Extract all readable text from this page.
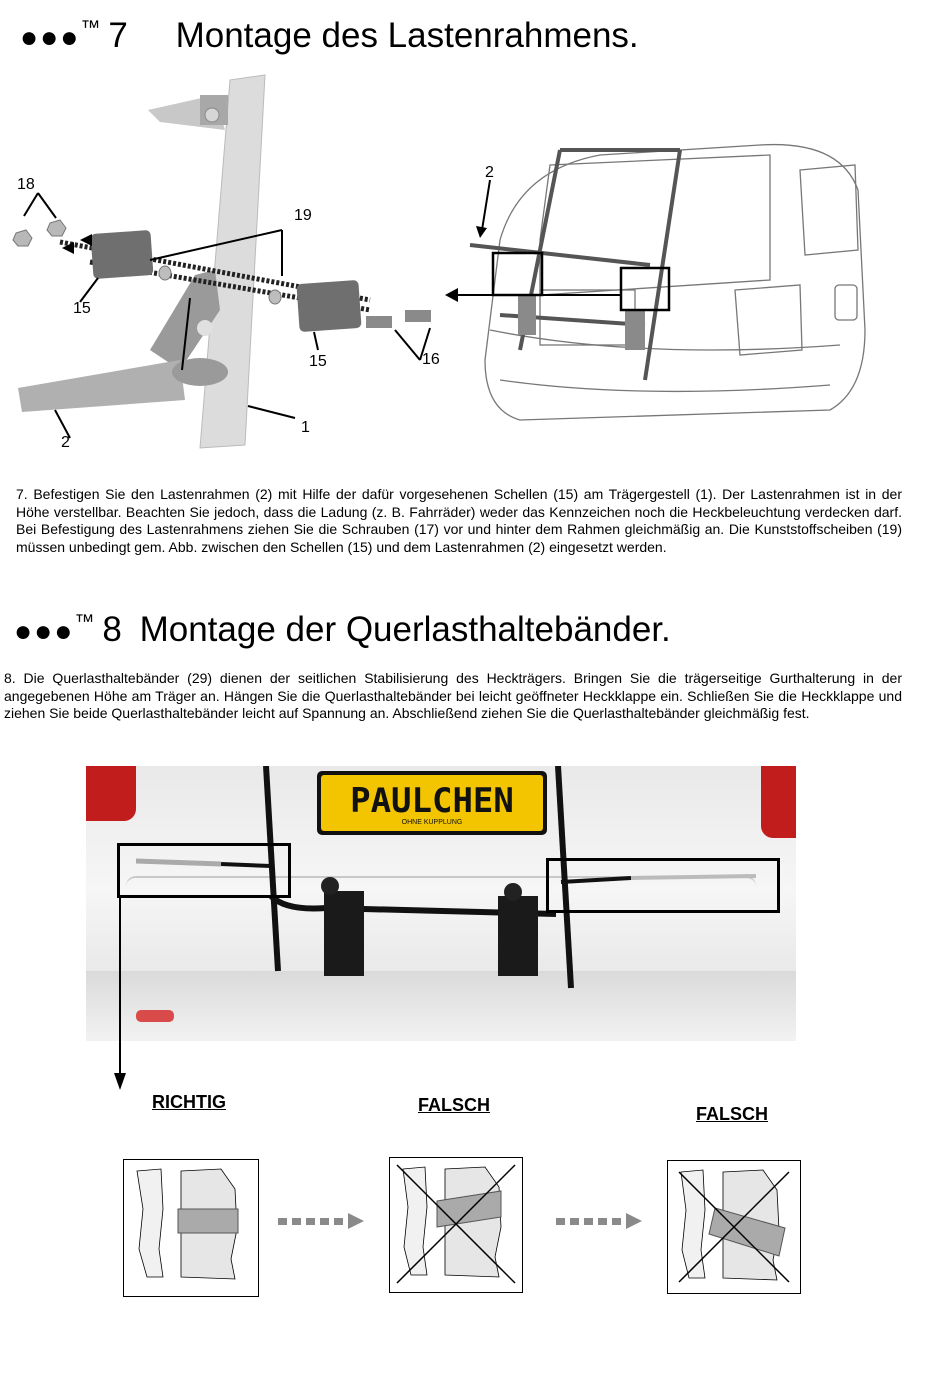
●●●™ 7 Montage des Lastenrahmens.
18
19
15
15	16
1
2
2
7. Befestigen Sie den Lastenrahmen (2) mit Hilfe der dafür vorgesehenen Schellen (15) am Trägergestell (1). Der Lastenrahmen ist in der Höhe verstellbar. Beachten Sie jedoch, dass die Ladung (z. B. Fahrräder) weder das Kennzeichen noch die Heckbeleuchtung verdecken darf. Bei Befestigung des Lastenrahmens ziehen Sie die Schrauben (17) vor und hinter dem Rahmen gleichmäßig an. Die Kunststoffscheiben (19) müssen unbedingt gem. Abb. zwischen den Schellen (15) und dem Lastenrahmen (2) eingesetzt werden.
●●●™ 8 Montage der Querlasthaltebänder.
8. Die Querlasthaltebänder (29) dienen der seitlichen Stabilisierung des Heckträgers. Bringen Sie die trägerseitige Gurthalterung in der angegebenen Höhe am Träger an. Hängen Sie die Querlasthaltebänder bei leicht geöffneter Heckklappe ein. Schließen Sie die Heckklappe und ziehen Sie beide Querlasthaltebänder leicht auf Spannung an. Abschließend ziehen Sie die Querlasthaltebänder gleichmäßig fest.
PAULCHEN
OHNE KUPPLUNG
RICHTIG	FALSCH	FALSCH
